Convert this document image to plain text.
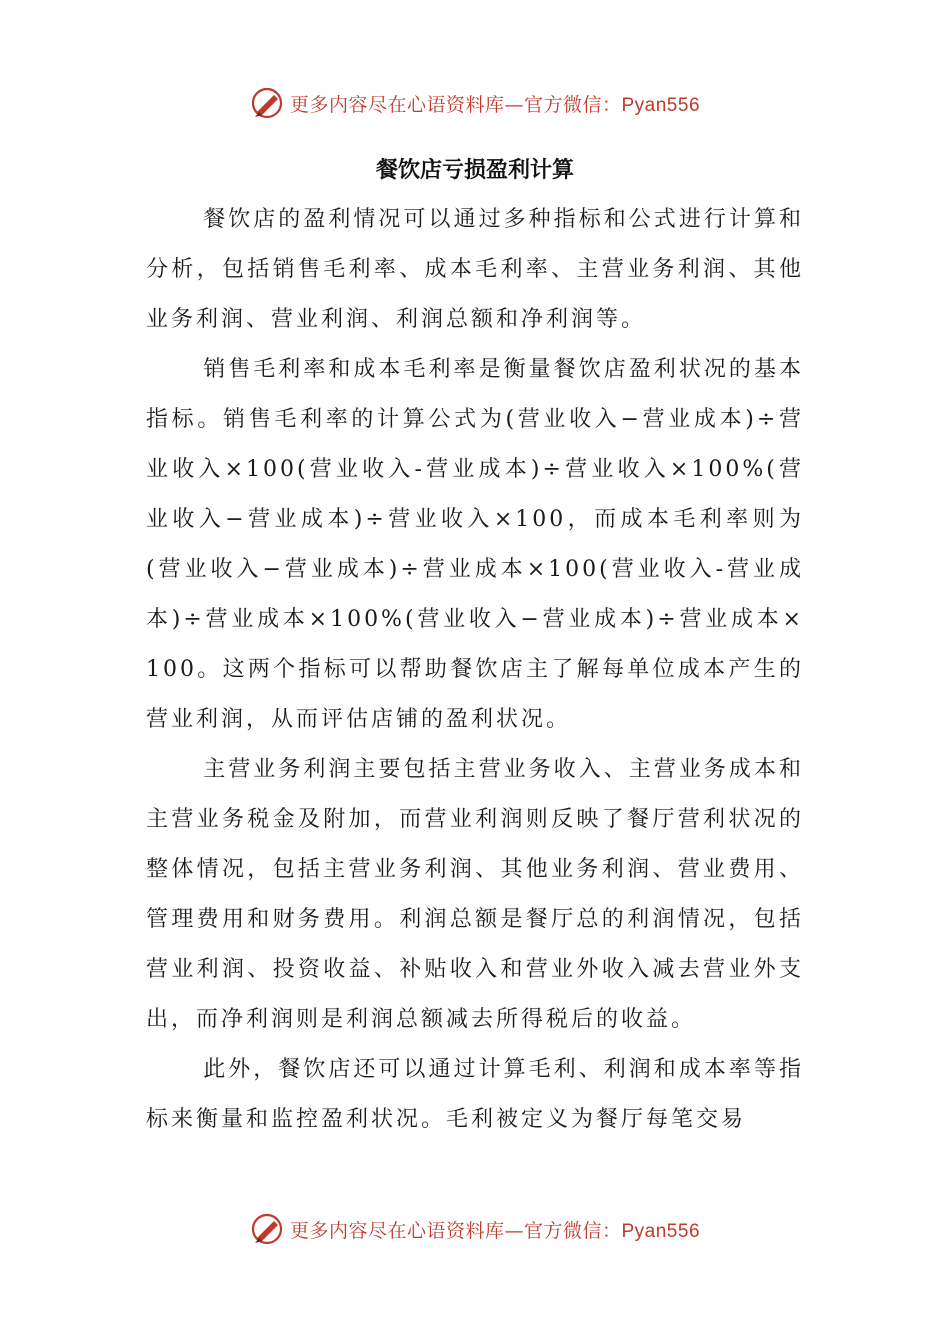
更多内容尽在心语资料库—官方微信：Pyan556
餐饮店亏损盈利计算

餐饮店的盈利情况可以通过多种指标和公式进行计算和分析，包括销售毛利率、成本毛利率、主营业务利润、其他业务利润、营业利润、利润总额和净利润等。

销售毛利率和成本毛利率是衡量餐饮店盈利状况的基本指标。销售毛利率的计算公式为(营业收入−营业成本)÷营业收入×100(营业收入-营业成本)÷营业收入×100%(营业收入−营业成本)÷营业收入×100，而成本毛利率则为(营业收入−营业成本)÷营业成本×100(营业收入-营业成本)÷营业成本×100%(营业收入−营业成本)÷营业成本×100。这两个指标可以帮助餐饮店主了解每单位成本产生的营业利润，从而评估店铺的盈利状况。

主营业务利润主要包括主营业务收入、主营业务成本和主营业务税金及附加，而营业利润则反映了餐厅营利状况的整体情况，包括主营业务利润、其他业务利润、营业费用、管理费用和财务费用。利润总额是餐厅总的利润情况，包括营业利润、投资收益、补贴收入和营业外收入减去营业外支出，而净利润则是利润总额减去所得税后的收益。

此外，餐饮店还可以通过计算毛利、利润和成本率等指标来衡量和监控盈利状况。毛利被定义为餐厅每笔交易

更多内容尽在心语资料库—官方微信：Pyan556
